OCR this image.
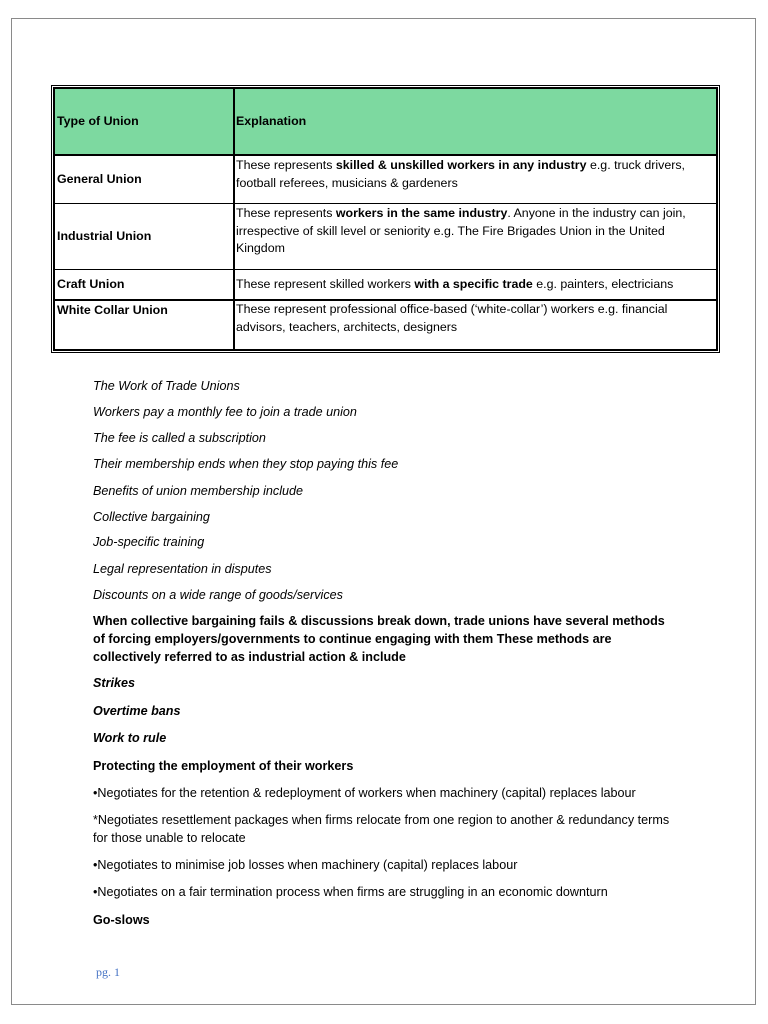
Type of Union	Explanation
General Union	These represents skilled & unskilled workers in any industry e.g. truck drivers, football referees, musicians & gardeners
Industrial Union	These represents workers in the same industry. Anyone in the industry can join, irrespective of skill level or seniority e.g. The Fire Brigades Union in the United Kingdom
Craft Union	These represent skilled workers with a specific trade e.g. painters, electricians
White Collar Union	These represent professional office-based (‘white-collar’) workers e.g. financial advisors, teachers, architects, designers
The Work of Trade Unions
Workers pay a monthly fee to join a trade union
The fee is called a subscription
Their membership ends when they stop paying this fee
Benefits of union membership include
Collective bargaining
Job-specific training
Legal representation in disputes
Discounts on a wide range of goods/services
When collective bargaining fails & discussions break down, trade unions have several methods of forcing employers/governments to continue engaging with them These methods are collectively referred to as industrial action & include
Strikes
Overtime bans
Work to rule
Protecting the employment of their workers
•Negotiates for the retention & redeployment of workers when machinery (capital) replaces labour
*Negotiates resettlement packages when firms relocate from one region to another & redundancy terms for those unable to relocate
•Negotiates to minimise job losses when machinery (capital) replaces labour
•Negotiates on a fair termination process when firms are struggling in an economic downturn
Go-slows
pg. 1
